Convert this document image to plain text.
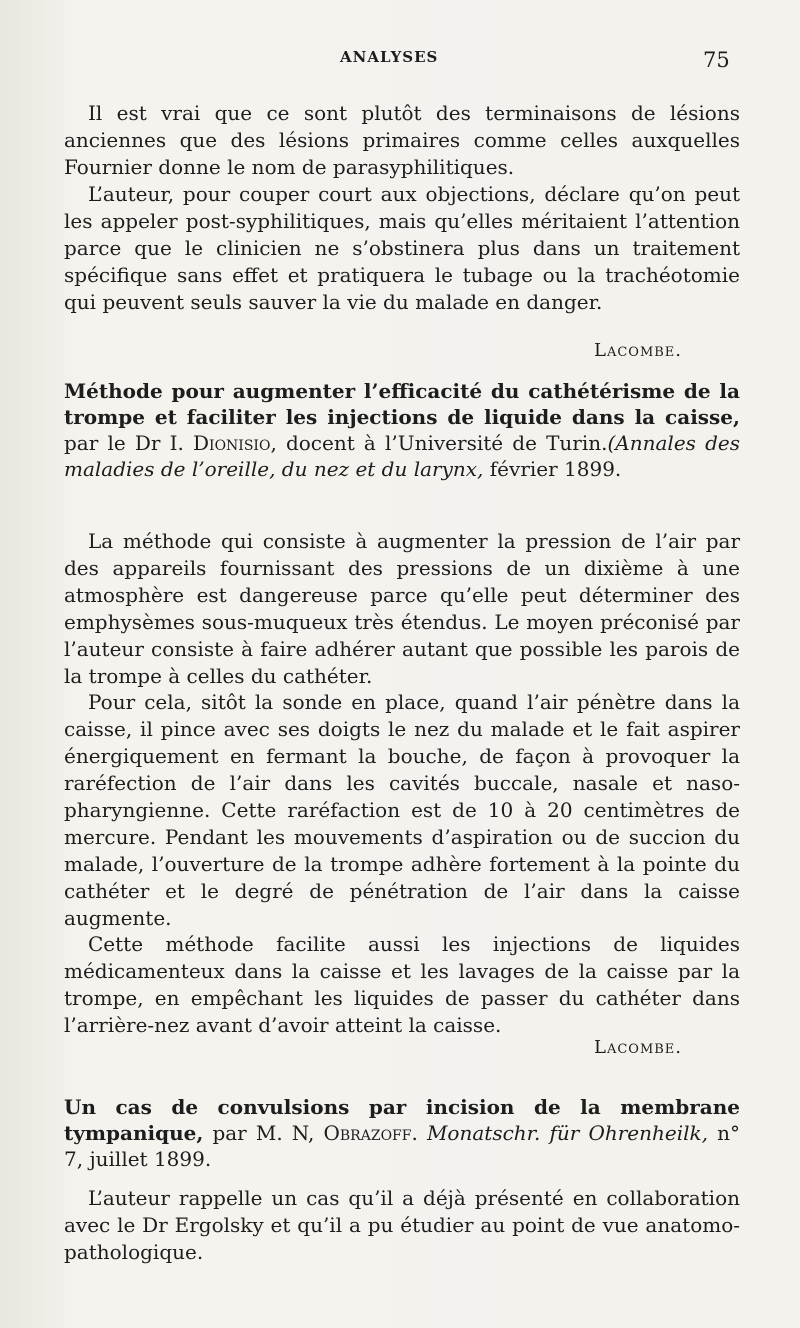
ANALYSES	75

Il est vrai que ce sont plutôt des terminaisons de lésions anciennes que des lésions primaires comme celles auxquelles Fournier donne le nom de parasyphilitiques.

L’auteur, pour couper court aux objections, déclare qu’on peut les appeler post-syphilitiques, mais qu’elles méritaient l’attention parce que le clinicien ne s’obstinera plus dans un traitement spécifique sans effet et pratiquera le tubage ou la trachéotomie qui peuvent seuls sauver la vie du malade en danger.

Lacombe.

Méthode pour augmenter l’efficacité du cathétérisme de la trompe et faciliter les injections de liquide dans la caisse, par le Dr I. Dionisio, docent à l’Université de Turin.(Annales des maladies de l’oreille, du nez et du larynx, février 1899.

La méthode qui consiste à augmenter la pression de l’air par des appareils fournissant des pressions de un dixième à une atmosphère est dangereuse parce qu’elle peut déterminer des emphysèmes sous-muqueux très étendus. Le moyen préconisé par l’auteur consiste à faire adhérer autant que possible les parois de la trompe à celles du cathéter.

Pour cela, sitôt la sonde en place, quand l’air pénètre dans la caisse, il pince avec ses doigts le nez du malade et le fait aspirer énergiquement en fermant la bouche, de façon à provoquer la raréfection de l’air dans les cavités buccale, nasale et naso-pharyngienne. Cette raréfaction est de 10 à 20 centimètres de mercure. Pendant les mouvements d’aspiration ou de succion du malade, l’ouverture de la trompe adhère fortement à la pointe du cathéter et le degré de pénétration de l’air dans la caisse augmente.

Cette méthode facilite aussi les injections de liquides médicamenteux dans la caisse et les lavages de la caisse par la trompe, en empêchant les liquides de passer du cathéter dans l’arrière-nez avant d’avoir atteint la caisse.

Lacombe.

Un cas de convulsions par incision de la membrane tympanique, par M. N, Obrazoff. Monatschr. für Ohrenheilk, n° 7, juillet 1899.

L’auteur rappelle un cas qu’il a déjà présenté en collaboration avec le Dr Ergolsky et qu’il a pu étudier au point de vue anatomo-pathologique.
